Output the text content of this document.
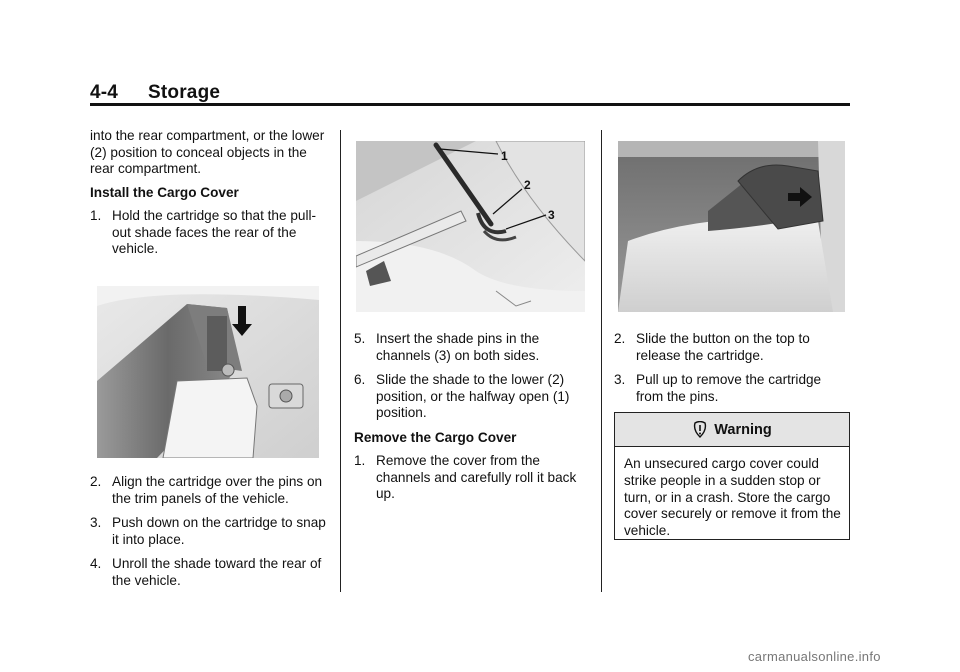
4-4 Storage

into the rear compartment, or the lower (2) position to conceal objects in the rear compartment.

Install the Cargo Cover
1. Hold the cartridge so that the pull-out shade faces the rear of the vehicle.
2. Align the cartridge over the pins on the trim panels of the vehicle.
3. Push down on the cartridge to snap it into place.
4. Unroll the shade toward the rear of the vehicle.
1
2
3
5. Insert the shade pins in the channels (3) on both sides.
6. Slide the shade to the lower (2) position, or the halfway open (1) position.
Remove the Cargo Cover
1. Remove the cover from the channels and carefully roll it back up.
2. Slide the button on the top to release the cartridge.
3. Pull up to remove the cartridge from the pins.
Warning
An unsecured cargo cover could strike people in a sudden stop or turn, or in a crash. Store the cargo cover securely or remove it from the vehicle.
carmanualsonline.info
